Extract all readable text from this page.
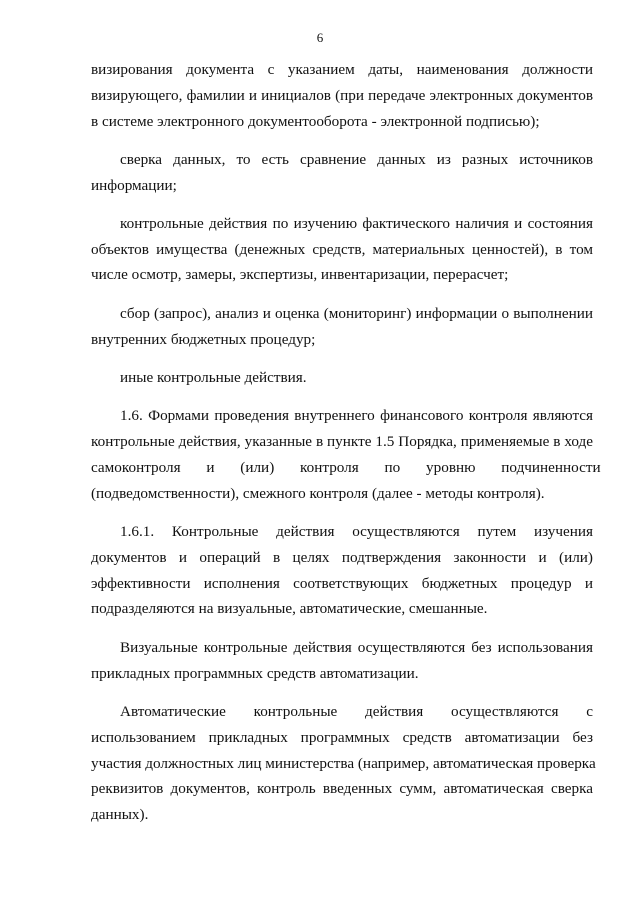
6
визирования документа с указанием даты, наименования должности
визирующего, фамилии и инициалов (при передаче электронных документов
в системе электронного документооборота - электронной подписью);
сверка данных, то есть сравнение данных из разных источников
информации;
контрольные действия по изучению фактического наличия и состояния
объектов имущества (денежных средств, материальных ценностей), в том
числе осмотр, замеры, экспертизы, инвентаризации, перерасчет;
сбор (запрос), анализ и оценка (мониторинг) информации о выполнении
внутренних бюджетных процедур;
иные контрольные действия.
1.6. Формами проведения внутреннего финансового контроля являются
контрольные действия, указанные в пункте 1.5 Порядка, применяемые в ходе
самоконтроля и (или) контроля по уровню подчиненности
(подведомственности), смежного контроля (далее - методы контроля).
1.6.1. Контрольные действия осуществляются путем изучения
документов и операций в целях подтверждения законности и (или)
эффективности исполнения соответствующих бюджетных процедур и
подразделяются на визуальные, автоматические, смешанные.
Визуальные контрольные действия осуществляются без использования
прикладных программных средств автоматизации.
Автоматические контрольные действия осуществляются с
использованием прикладных программных средств автоматизации без
участия должностных лиц министерства (например, автоматическая проверка
реквизитов документов, контроль введенных сумм, автоматическая сверка
данных).
